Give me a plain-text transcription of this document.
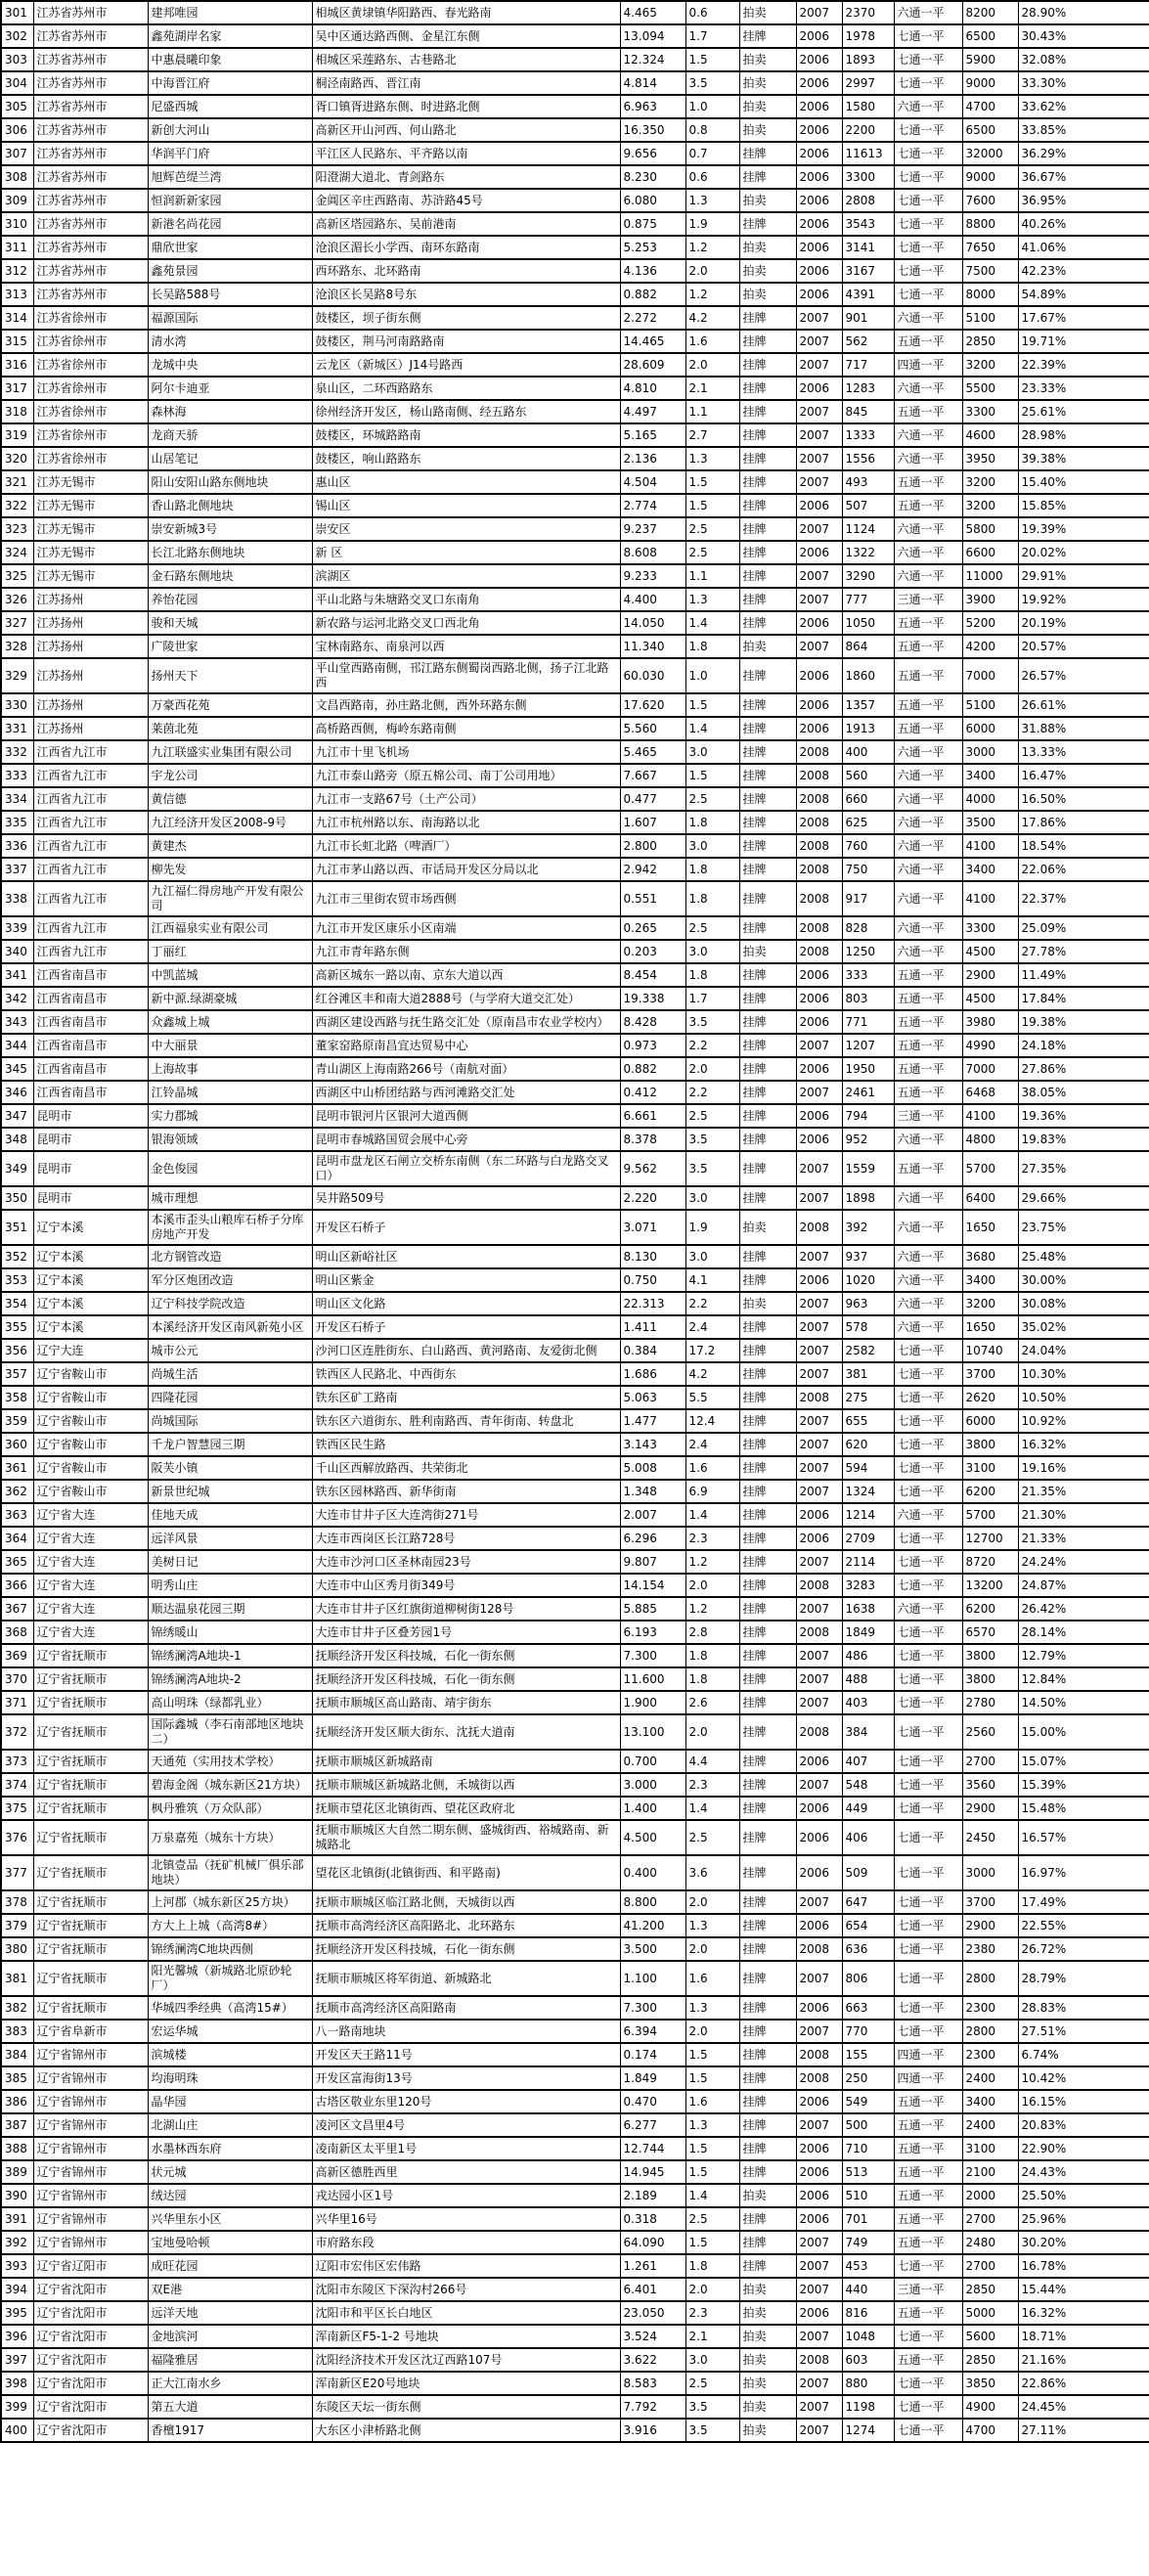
301	江苏省苏州市	建邦唯园	相城区黄埭镇华阳路西、春光路南	4.465	0.6	拍卖	2007	2370	六通一平	8200	28.90%
302	江苏省苏州市	鑫苑湖岸名家	吴中区通达路西侧、金星江东侧	13.094	1.7	挂牌	2006	1978	七通一平	6500	30.43%
303	江苏省苏州市	中惠晨曦印象	相城区采莲路东、古巷路北	12.324	1.5	拍卖	2006	1893	七通一平	5900	32.08%
304	江苏省苏州市	中海晋江府	桐泾南路西、晋江南	4.814	3.5	拍卖	2006	2997	七通一平	9000	33.30%
305	江苏省苏州市	尼盛西城	胥口镇胥进路东侧、时进路北侧	6.963	1.0	拍卖	2006	1580	六通一平	4700	33.62%
306	江苏省苏州市	新创大河山	高新区开山河西、何山路北	16.350	0.8	拍卖	2006	2200	七通一平	6500	33.85%
307	江苏省苏州市	华润平门府	平江区人民路东、平齐路以南	9.656	0.7	挂牌	2006	11613	七通一平	32000	36.29%
308	江苏省苏州市	旭辉芭缇兰湾	阳澄湖大道北、青剑路东	8.230	0.6	挂牌	2006	3300	七通一平	9000	36.67%
309	江苏省苏州市	恒润新新家园	金阊区辛庄西路南、苏浒路45号	6.080	1.3	拍卖	2006	2808	七通一平	7600	36.95%
310	江苏省苏州市	新港名尚花园	高新区塔园路东、吴前港南	0.875	1.9	挂牌	2006	3543	七通一平	8800	40.26%
311	江苏省苏州市	鼎欣世家	沧浪区湄长小学西、南环东路南	5.253	1.2	拍卖	2006	3141	七通一平	7650	41.06%
312	江苏省苏州市	鑫苑景园	西环路东、北环路南	4.136	2.0	拍卖	2006	3167	七通一平	7500	42.23%
313	江苏省苏州市	长吴路588号	沧浪区长吴路8号东	0.882	1.2	拍卖	2006	4391	七通一平	8000	54.89%
314	江苏省徐州市	福源国际	鼓楼区，坝子街东侧	2.272	4.2	挂牌	2007	901	六通一平	5100	17.67%
315	江苏省徐州市	清水湾	鼓楼区，荆马河南路路南	14.465	1.6	挂牌	2007	562	五通一平	2850	19.71%
316	江苏省徐州市	龙城中央	云龙区（新城区）J14号路西	28.609	2.0	挂牌	2007	717	四通一平	3200	22.39%
317	江苏省徐州市	阿尔卡迪亚	泉山区，二环西路路东	4.810	2.1	挂牌	2006	1283	六通一平	5500	23.33%
318	江苏省徐州市	森林海	徐州经济开发区，杨山路南侧、经五路东	4.497	1.1	挂牌	2007	845	五通一平	3300	25.61%
319	江苏省徐州市	龙商天骄	鼓楼区，环城路路南	5.165	2.7	挂牌	2007	1333	六通一平	4600	28.98%
320	江苏省徐州市	山居笔记	鼓楼区，响山路路东	2.136	1.3	挂牌	2007	1556	六通一平	3950	39.38%
321	江苏无锡市	阳山安阳山路东侧地块	惠山区	4.504	1.5	挂牌	2007	493	五通一平	3200	15.40%
322	江苏无锡市	香山路北侧地块	锡山区	2.774	1.5	挂牌	2006	507	五通一平	3200	15.85%
323	江苏无锡市	崇安新城3号	崇安区	9.237	2.5	挂牌	2007	1124	六通一平	5800	19.39%
324	江苏无锡市	长江北路东侧地块	新 区	8.608	2.5	挂牌	2006	1322	六通一平	6600	20.02%
325	江苏无锡市	金石路东侧地块	滨湖区	9.233	1.1	挂牌	2007	3290	六通一平	11000	29.91%
326	江苏扬州	养怡花园	平山北路与朱塘路交叉口东南角	4.400	1.3	挂牌	2007	777	三通一平	3900	19.92%
327	江苏扬州	骏和天城	新农路与运河北路交叉口西北角	14.050	1.4	挂牌	2006	1050	五通一平	5200	20.19%
328	江苏扬州	广陵世家	宝林南路东、南泉河以西	11.340	1.8	拍卖	2007	864	五通一平	4200	20.57%
329	江苏扬州	扬州天下	平山堂西路南侧，邗江路东侧蜀岗西路北侧，扬子江北路西	60.030	1.0	挂牌	2006	1860	五通一平	7000	26.57%
330	江苏扬州	万豪西花苑	文昌西路南，孙庄路北侧，西外环路东侧	17.620	1.5	挂牌	2006	1357	五通一平	5100	26.61%
331	江苏扬州	莱茵北苑	高桥路西侧，梅岭东路南侧	5.560	1.4	挂牌	2006	1913	五通一平	6000	31.88%
332	江西省九江市	九江联盛实业集团有限公司	九江市十里飞机场	5.465	3.0	挂牌	2008	400	六通一平	3000	13.33%
333	江西省九江市	宇龙公司	九江市泰山路旁（原五棉公司、南丁公司用地）	7.667	1.5	挂牌	2008	560	六通一平	3400	16.47%
334	江西省九江市	黄信德	九江市一支路67号（土产公司）	0.477	2.5	挂牌	2008	660	六通一平	4000	16.50%
335	江西省九江市	九江经济开发区2008-9号	九江市杭州路以东、南海路以北	1.607	1.8	挂牌	2008	625	六通一平	3500	17.86%
336	江西省九江市	黄建杰	九江市长虹北路（啤酒厂）	2.800	3.0	挂牌	2008	760	六通一平	4100	18.54%
337	江西省九江市	柳先发	九江市茅山路以西、市话局开发区分局以北	2.942	1.8	挂牌	2008	750	六通一平	3400	22.06%
338	江西省九江市	九江福仁得房地产开发有限公司	九江市三里街农贸市场西侧	0.551	1.8	挂牌	2008	917	六通一平	4100	22.37%
339	江西省九江市	江西福泉实业有限公司	九江市开发区康乐小区南端	0.265	2.5	挂牌	2008	828	六通一平	3300	25.09%
340	江西省九江市	丁丽红	九江市青年路东侧	0.203	3.0	拍卖	2008	1250	六通一平	4500	27.78%
341	江西省南昌市	中凯蓝城	高新区城东一路以南、京东大道以西	8.454	1.8	挂牌	2006	333	五通一平	2900	11.49%
342	江西省南昌市	新中源.绿湖豪城	红谷滩区丰和南大道2888号（与学府大道交汇处）	19.338	1.7	挂牌	2006	803	五通一平	4500	17.84%
343	江西省南昌市	众鑫城上城	西湖区建设西路与抚生路交汇处（原南昌市农业学校内）	8.428	3.5	挂牌	2006	771	五通一平	3980	19.38%
344	江西省南昌市	中大丽景	董家窑路原南昌宜达贸易中心	0.973	2.2	挂牌	2007	1207	五通一平	4990	24.18%
345	江西省南昌市	上海故事	青山湖区上海南路266号（南航对面）	0.882	2.0	挂牌	2006	1950	五通一平	7000	27.86%
346	江西省南昌市	江铃晶城	西湖区中山桥团结路与西河滩路交汇处	0.412	2.2	挂牌	2007	2461	五通一平	6468	38.05%
347	昆明市	实力郡城	昆明市银河片区银河大道西侧	6.661	2.5	挂牌	2006	794	三通一平	4100	19.36%
348	昆明市	银海领域	昆明市春城路国贸会展中心旁	8.378	3.5	挂牌	2006	952	六通一平	4800	19.83%
349	昆明市	金色俊园	昆明市盘龙区石闸立交桥东南侧（东二环路与白龙路交叉口）	9.562	3.5	挂牌	2007	1559	五通一平	5700	27.35%
350	昆明市	城市理想	吴井路509号	2.220	3.0	挂牌	2007	1898	六通一平	6400	29.66%
351	辽宁本溪	本溪市歪头山粮库石桥子分库房地产开发	开发区石桥子	3.071	1.9	拍卖	2008	392	六通一平	1650	23.75%
352	辽宁本溪	北方钢管改造	明山区新峪社区	8.130	3.0	挂牌	2007	937	六通一平	3680	25.48%
353	辽宁本溪	军分区炮团改造	明山区紫金	0.750	4.1	挂牌	2006	1020	六通一平	3400	30.00%
354	辽宁本溪	辽宁科技学院改造	明山区文化路	22.313	2.2	拍卖	2007	963	六通一平	3200	30.08%
355	辽宁本溪	本溪经济开发区南风新苑小区	开发区石桥子	1.411	2.4	挂牌	2007	578	六通一平	1650	35.02%
356	辽宁大连	城市公元	沙河口区连胜街东、白山路西、黄河路南、友爱街北侧	0.384	17.2	挂牌	2007	2582	七通一平	10740	24.04%
357	辽宁省鞍山市	尚城生活	铁西区人民路北、中西街东	1.686	4.2	挂牌	2007	381	七通一平	3700	10.30%
358	辽宁省鞍山市	四隆花园	铁东区矿工路南	5.063	5.5	挂牌	2008	275	七通一平	2620	10.50%
359	辽宁省鞍山市	尚城国际	铁东区六道街东、胜利南路西、青年街南、转盘北	1.477	12.4	挂牌	2007	655	七通一平	6000	10.92%
360	辽宁省鞍山市	千龙户智慧园三期	铁西区民生路	3.143	2.4	挂牌	2007	620	七通一平	3800	16.32%
361	辽宁省鞍山市	阪芙小镇	千山区西解放路西、共荣街北	5.008	1.6	挂牌	2007	594	七通一平	3100	19.16%
362	辽宁省鞍山市	新景世纪城	铁东区园林路西、新华街南	1.348	6.9	挂牌	2007	1324	七通一平	6200	21.35%
363	辽宁省大连	佳地天成	大连市甘井子区大连湾街271号	2.007	1.4	挂牌	2006	1214	六通一平	5700	21.30%
364	辽宁省大连	远洋风景	大连市西岗区长江路728号	6.296	2.3	挂牌	2006	2709	七通一平	12700	21.33%
365	辽宁省大连	美树日记	大连市沙河口区圣林南园23号	9.807	1.2	挂牌	2007	2114	七通一平	8720	24.24%
366	辽宁省大连	明秀山庄	大连市中山区秀月街349号	14.154	2.0	挂牌	2008	3283	七通一平	13200	24.87%
367	辽宁省大连	顺达温泉花园三期	大连市甘井子区红旗街道柳树街128号	5.885	1.2	挂牌	2007	1638	六通一平	6200	26.42%
368	辽宁省大连	锦绣暖山	大连市甘井子区叠芳园1号	6.193	2.8	挂牌	2008	1849	七通一平	6570	28.14%
369	辽宁省抚顺市	锦绣澜湾A地块-1	抚顺经济开发区科技城，石化一街东侧	7.300	1.8	挂牌	2007	486	七通一平	3800	12.79%
370	辽宁省抚顺市	锦绣澜湾A地块-2	抚顺经济开发区科技城，石化一街东侧	11.600	1.8	挂牌	2007	488	七通一平	3800	12.84%
371	辽宁省抚顺市	高山明珠（绿都乳业）	抚顺市顺城区高山路南、靖宇街东	1.900	2.6	挂牌	2007	403	七通一平	2780	14.50%
372	辽宁省抚顺市	国际鑫城（李石南部地区地块二）	抚顺经济开发区顺大街东、沈抚大道南	13.100	2.0	挂牌	2008	384	七通一平	2560	15.00%
373	辽宁省抚顺市	天通苑（实用技术学校）	抚顺市顺城区新城路南	0.700	4.4	挂牌	2006	407	七通一平	2700	15.07%
374	辽宁省抚顺市	碧海金阁（城东新区21方块）	抚顺市顺城区新城路北侧，禾城街以西	3.000	2.3	挂牌	2007	548	七通一平	3560	15.39%
375	辽宁省抚顺市	枫丹雅筑（万众队部）	抚顺市望花区北镇街西、望花区政府北	1.400	1.4	挂牌	2006	449	七通一平	2900	15.48%
376	辽宁省抚顺市	万泉嘉苑（城东十方块）	抚顺市顺城区大自然二期东侧、盛城街西、裕城路南、新城路北	4.500	2.5	挂牌	2006	406	七通一平	2450	16.57%
377	辽宁省抚顺市	北镇壹品（抚矿机械厂俱乐部地块）	望花区北镇街(北镇街西、和平路南)	0.400	3.6	挂牌	2006	509	七通一平	3000	16.97%
378	辽宁省抚顺市	上河郡（城东新区25方块）	抚顺市顺城区临江路北侧，天城街以西	8.800	2.0	挂牌	2007	647	七通一平	3700	17.49%
379	辽宁省抚顺市	方大上上城（高湾8#）	抚顺市高湾经济区高阳路北、北环路东	41.200	1.3	挂牌	2006	654	七通一平	2900	22.55%
380	辽宁省抚顺市	锦绣澜湾C地块西侧	抚顺经济开发区科技城，石化一街东侧	3.500	2.0	挂牌	2008	636	七通一平	2380	26.72%
381	辽宁省抚顺市	阳光馨城（新城路北原砂轮厂）	抚顺市顺城区将军街道、新城路北	1.100	1.6	挂牌	2007	806	七通一平	2800	28.79%
382	辽宁省抚顺市	华城四季经典（高湾15#）	抚顺市高湾经济区高阳路南	7.300	1.3	挂牌	2006	663	七通一平	2300	28.83%
383	辽宁省阜新市	宏运华城	八一路南地块	6.394	2.0	挂牌	2007	770	七通一平	2800	27.51%
384	辽宁省锦州市	滨城楼	开发区天王路11号	0.174	1.5	挂牌	2008	155	四通一平	2300	6.74%
385	辽宁省锦州市	均海明珠	开发区富海街13号	1.849	1.5	挂牌	2008	250	四通一平	2400	10.42%
386	辽宁省锦州市	晶华园	古塔区敬业东里120号	0.470	1.6	挂牌	2006	549	五通一平	3400	16.15%
387	辽宁省锦州市	北湖山庄	凌河区文昌里4号	6.277	1.3	挂牌	2007	500	五通一平	2400	20.83%
388	辽宁省锦州市	水墨林西东府	凌南新区太平里1号	12.744	1.5	挂牌	2006	710	五通一平	3100	22.90%
389	辽宁省锦州市	状元城	高新区德胜西里	14.945	1.5	挂牌	2006	513	五通一平	2100	24.43%
390	辽宁省锦州市	绒达园	戎达园小区1号	2.189	1.4	拍卖	2006	510	五通一平	2000	25.50%
391	辽宁省锦州市	兴华里东小区	兴华里16号	0.318	2.5	挂牌	2006	701	五通一平	2700	25.96%
392	辽宁省锦州市	宝地曼哈顿	市府路东段	64.090	1.5	挂牌	2007	749	五通一平	2480	30.20%
393	辽宁省辽阳市	成旺花园	辽阳市宏伟区宏伟路	1.261	1.8	挂牌	2007	453	七通一平	2700	16.78%
394	辽宁省沈阳市	双E港	沈阳市东陵区下深沟村266号	6.401	2.0	拍卖	2007	440	三通一平	2850	15.44%
395	辽宁省沈阳市	远洋天地	沈阳市和平区长白地区	23.050	2.3	拍卖	2006	816	五通一平	5000	16.32%
396	辽宁省沈阳市	金地滨河	浑南新区F5-1-2 号地块	3.524	2.1	拍卖	2007	1048	七通一平	5600	18.71%
397	辽宁省沈阳市	福隆雅居	沈阳经济技术开发区沈辽西路107号	3.622	3.0	拍卖	2008	603	五通一平	2850	21.16%
398	辽宁省沈阳市	正大江南水乡	浑南新区E20号地块	8.583	2.5	拍卖	2007	880	七通一平	3850	22.86%
399	辽宁省沈阳市	第五大道	东陵区天坛一街东侧	7.792	3.5	拍卖	2007	1198	七通一平	4900	24.45%
400	辽宁省沈阳市	香檀1917	大东区小津桥路北侧	3.916	3.5	拍卖	2007	1274	七通一平	4700	27.11%
